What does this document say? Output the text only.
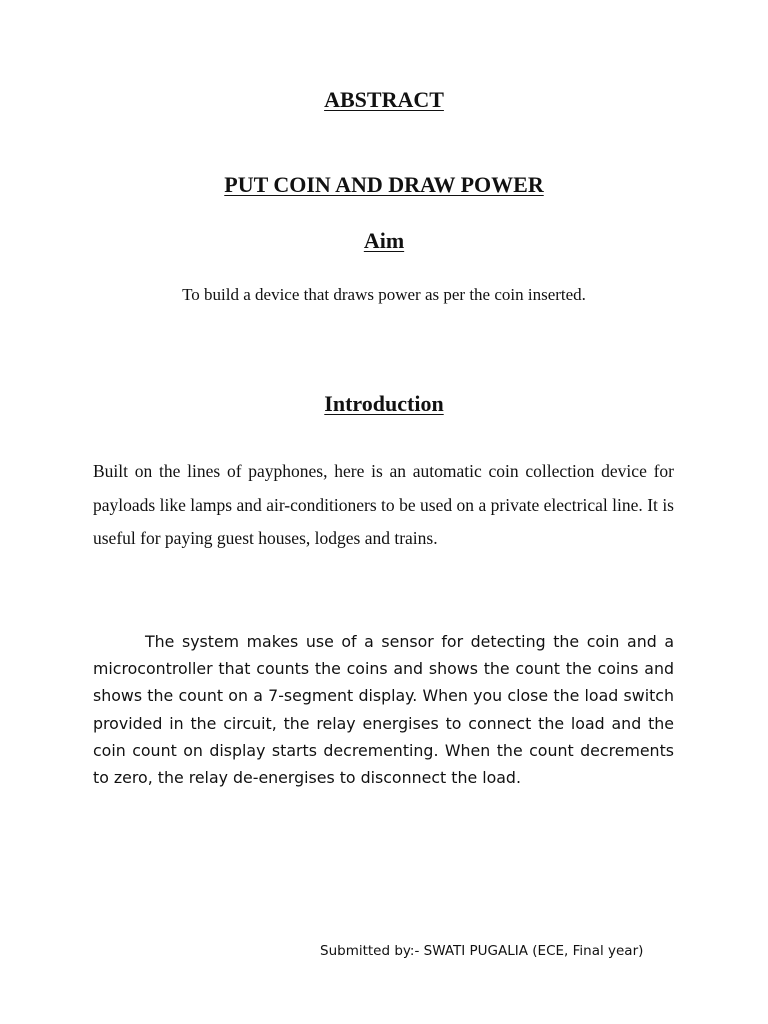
ABSTRACT
PUT COIN AND DRAW POWER
Aim
To build a device that draws power as per the coin inserted.
Introduction

Built on the lines of payphones, here is an automatic coin collection device for payloads like lamps and air-conditioners to be used on a private electrical line. It is useful for paying guest houses, lodges and trains.

The system makes use of a sensor for detecting the coin and a microcontroller that counts the coins and shows the count the coins and shows the count on a 7-segment display. When you close the load switch provided in the circuit, the relay energises to connect the load and the coin count on display starts decrementing. When the count decrements to zero, the relay de-energises to disconnect the load.

Submitted by:- SWATI PUGALIA (ECE, Final year)
